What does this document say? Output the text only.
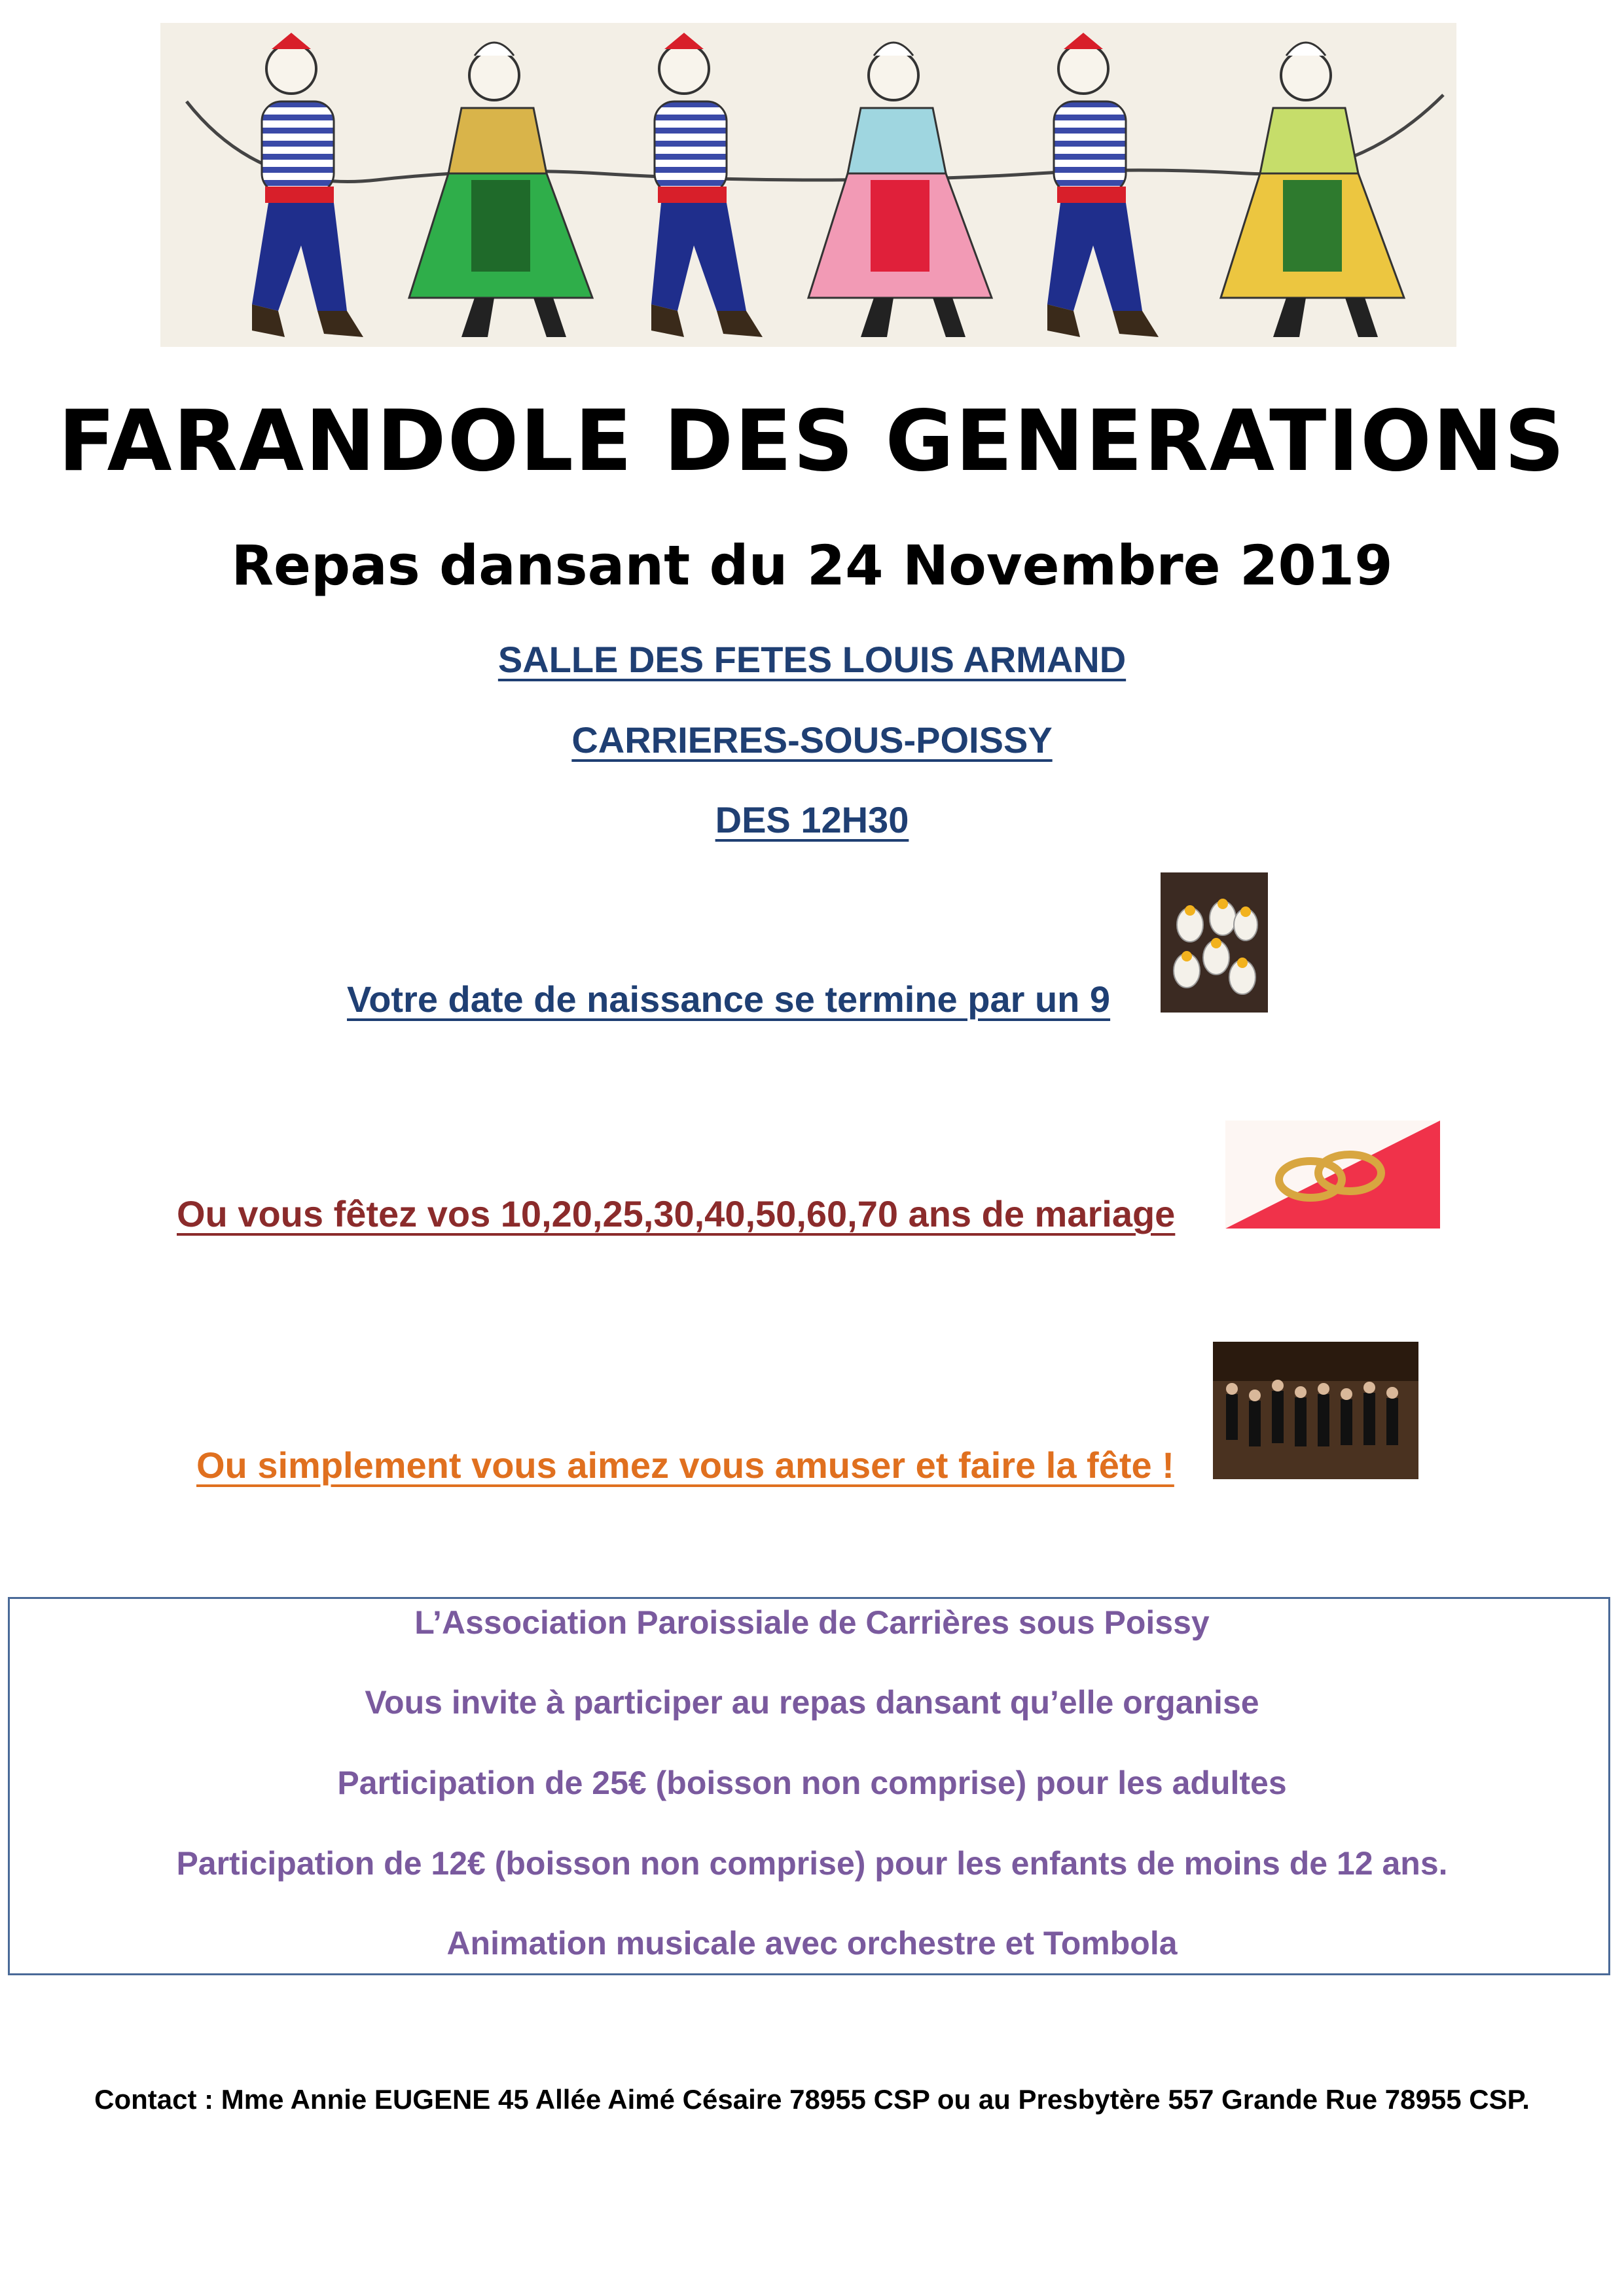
FARANDOLE DES GENERATIONS
Repas dansant du 24 Novembre 2019
SALLE DES FETES LOUIS ARMAND
CARRIERES-SOUS-POISSY
DES 12H30
Votre date de naissance se termine par un 9
Ou vous fêtez vos 10,20,25,30,40,50,60,70 ans de mariage
Ou simplement vous aimez vous amuser et faire la fête !
L’Association Paroissiale de Carrières sous Poissy
Vous invite à participer au repas dansant qu’elle organise
Participation de 25€ (boisson non comprise) pour les adultes
Participation de 12€ (boisson non comprise) pour les enfants de moins de 12 ans.
Animation musicale avec orchestre et Tombola
Contact : Mme Annie EUGENE 45 Allée Aimé Césaire 78955 CSP ou au Presbytère 557 Grande Rue 78955 CSP.
